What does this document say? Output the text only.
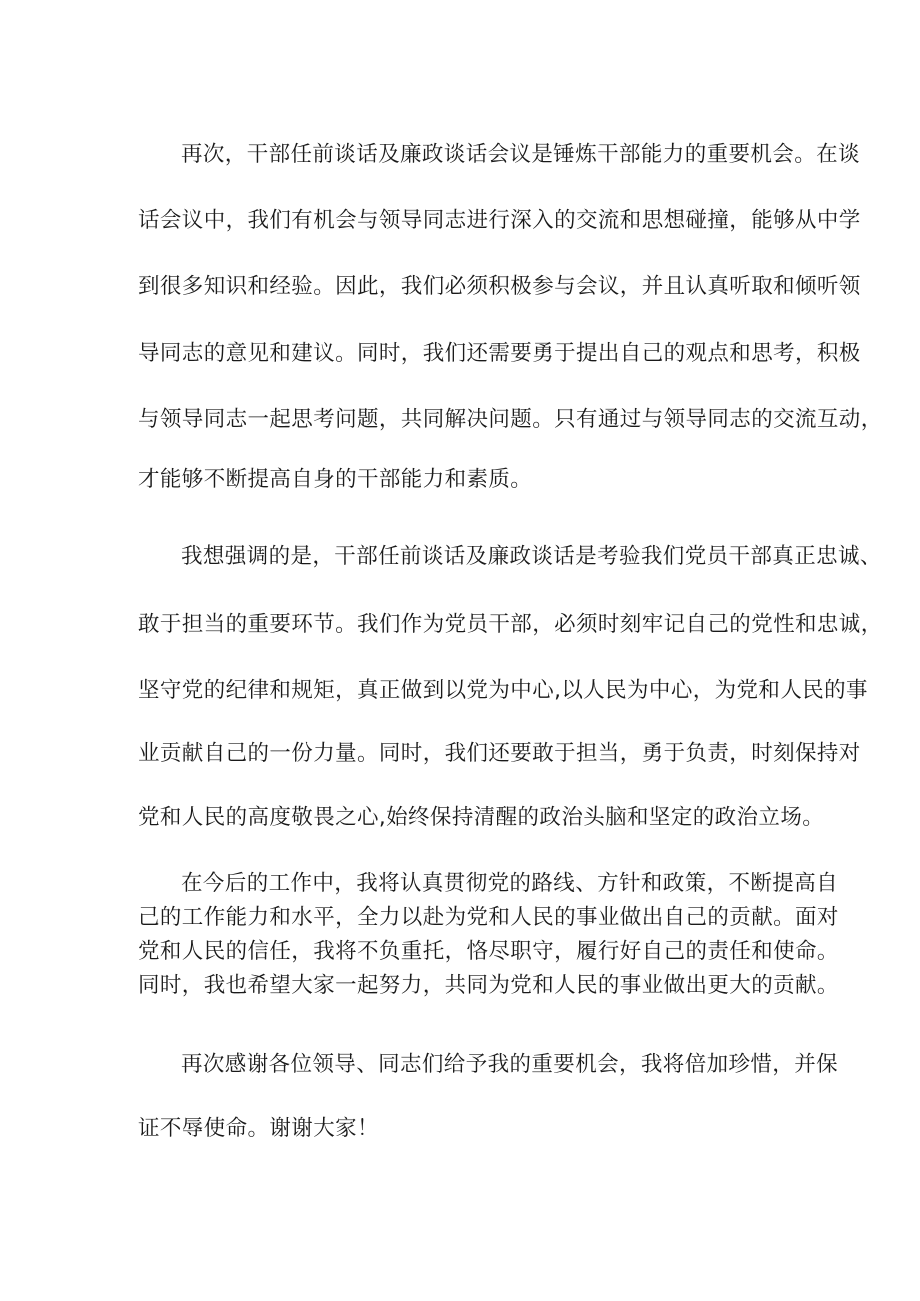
再次，干部任前谈话及廉政谈话会议是锤炼干部能力的重要机会。在谈
话会议中，我们有机会与领导同志进行深入的交流和思想碰撞，能够从中学
到很多知识和经验。因此，我们必须积极参与会议，并且认真听取和倾听领
导同志的意见和建议。同时，我们还需要勇于提出自己的观点和思考，积极
与领导同志一起思考问题，共同解决问题。只有通过与领导同志的交流互动，
才能够不断提高自身的干部能力和素质。
我想强调的是，干部任前谈话及廉政谈话是考验我们党员干部真正忠诚、
敢于担当的重要环节。我们作为党员干部，必须时刻牢记自己的党性和忠诚，
坚守党的纪律和规矩，真正做到以党为中心,以人民为中心，为党和人民的事
业贡献自己的一份力量。同时，我们还要敢于担当，勇于负责，时刻保持对
党和人民的高度敬畏之心,始终保持清醒的政治头脑和坚定的政治立场。
在今后的工作中，我将认真贯彻党的路线、方针和政策，不断提高自
己的工作能力和水平，全力以赴为党和人民的事业做出自己的贡献。面对
党和人民的信任，我将不负重托，恪尽职守，履行好自己的责任和使命。
同时，我也希望大家一起努力，共同为党和人民的事业做出更大的贡献。
再次感谢各位领导、同志们给予我的重要机会，我将倍加珍惜，并保
证不辱使命。谢谢大家！
